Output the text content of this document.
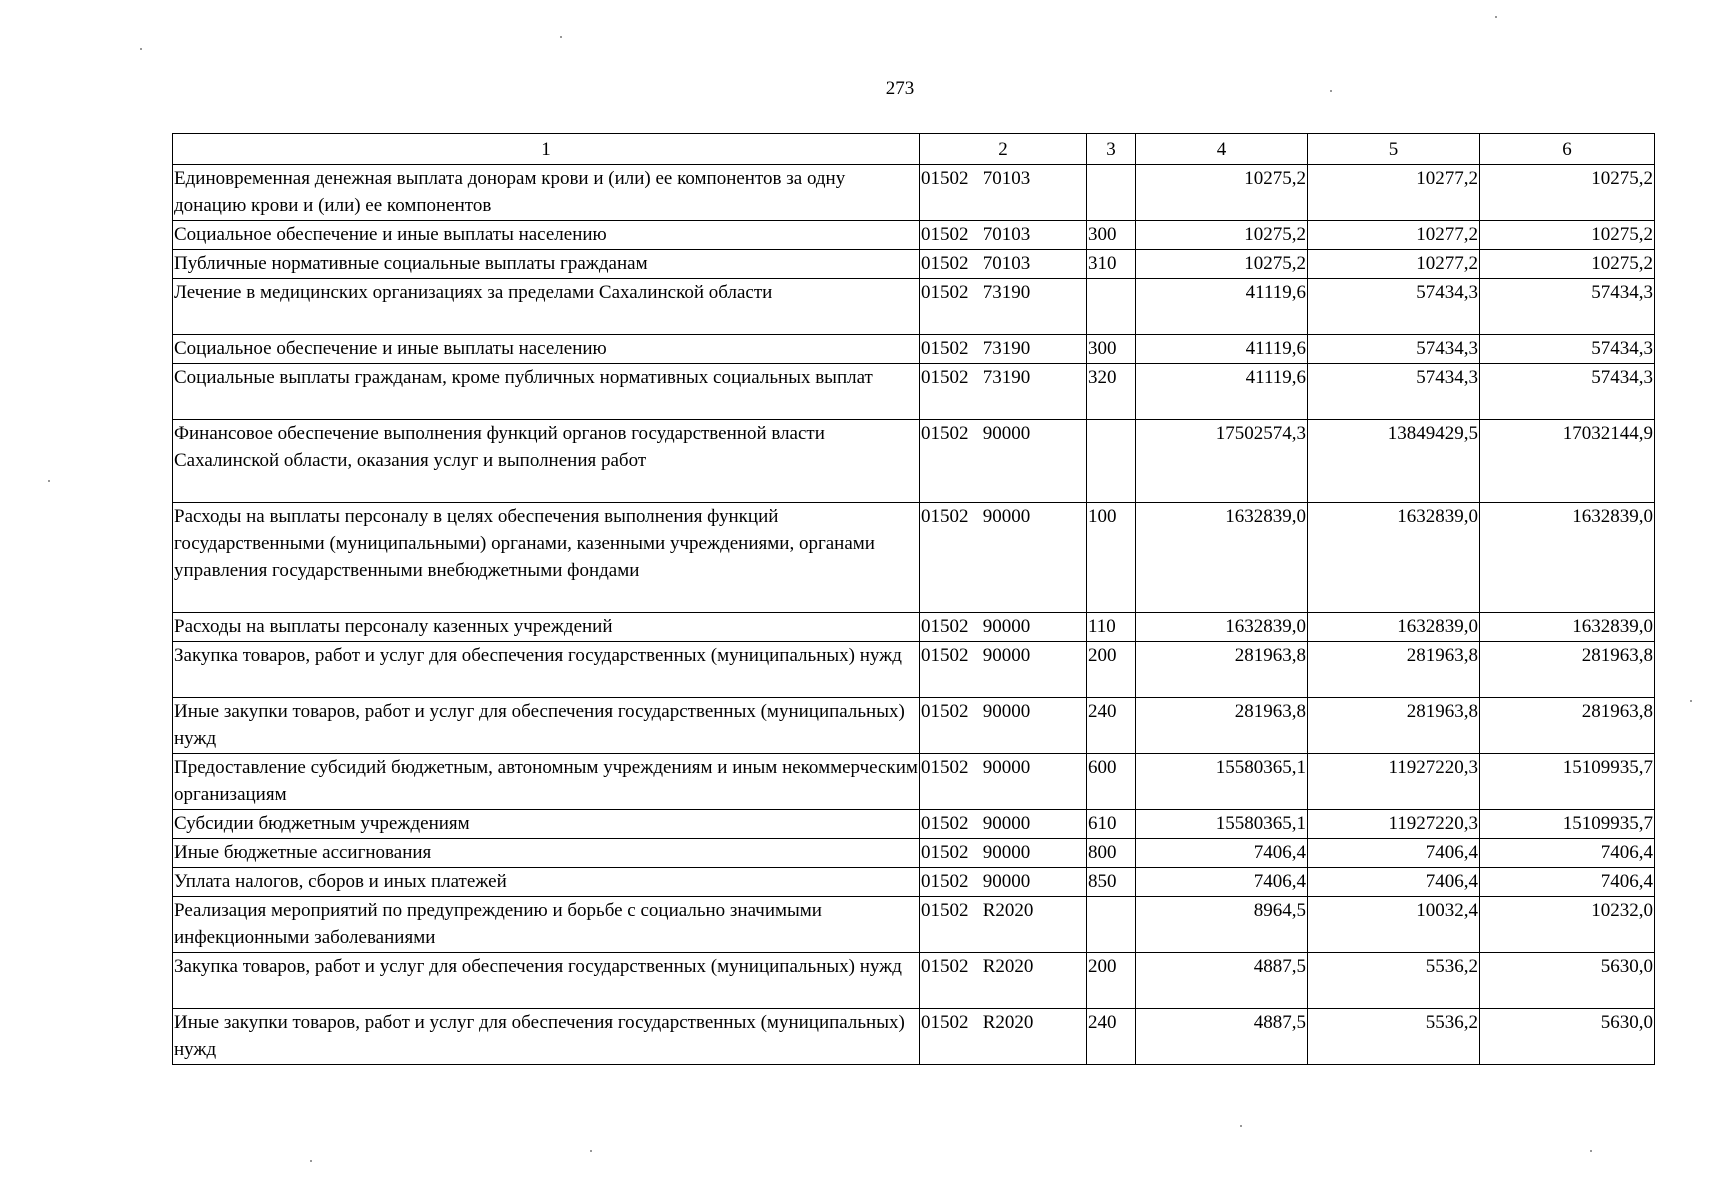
273
1	2	3	4	5	6
Единовременная денежная выплата донорам крови и (или) ее компонентов за одну донацию крови и (или) ее компонентов	01502   70103		10275,2	10277,2	10275,2
Социальное обеспечение и иные выплаты населению	01502   70103	300	10275,2	10277,2	10275,2
Публичные нормативные социальные выплаты гражданам	01502   70103	310	10275,2	10277,2	10275,2
Лечение в медицинских организациях за пределами Сахалинской области	01502   73190		41119,6	57434,3	57434,3
Социальное обеспечение и иные выплаты населению	01502   73190	300	41119,6	57434,3	57434,3
Социальные выплаты гражданам, кроме публичных нормативных социальных выплат	01502   73190	320	41119,6	57434,3	57434,3
Финансовое обеспечение выполнения функций органов государственной власти Сахалинской области, оказания услуг и выполнения работ	01502   90000		17502574,3	13849429,5	17032144,9
Расходы на выплаты персоналу в целях обеспечения выполнения функций государственными (муниципальными) органами, казенными учреждениями, органами управления государственными внебюджетными фондами	01502   90000	100	1632839,0	1632839,0	1632839,0
Расходы на выплаты персоналу казенных учреждений	01502   90000	110	1632839,0	1632839,0	1632839,0
Закупка товаров, работ и услуг для обеспечения государственных (муниципальных) нужд	01502   90000	200	281963,8	281963,8	281963,8
Иные закупки товаров, работ и услуг для обеспечения государственных (муниципальных) нужд	01502   90000	240	281963,8	281963,8	281963,8
Предоставление субсидий бюджетным, автономным учреждениям и иным некоммерческим организациям	01502   90000	600	15580365,1	11927220,3	15109935,7
Субсидии бюджетным учреждениям	01502   90000	610	15580365,1	11927220,3	15109935,7
Иные бюджетные ассигнования	01502   90000	800	7406,4	7406,4	7406,4
Уплата налогов, сборов и иных платежей	01502   90000	850	7406,4	7406,4	7406,4
Реализация мероприятий по предупреждению и борьбе с социально значимыми инфекционными заболеваниями	01502   R2020		8964,5	10032,4	10232,0
Закупка товаров, работ и услуг для обеспечения государственных (муниципальных) нужд	01502   R2020	200	4887,5	5536,2	5630,0
Иные закупки товаров, работ и услуг для обеспечения государственных (муниципальных) нужд	01502   R2020	240	4887,5	5536,2	5630,0
